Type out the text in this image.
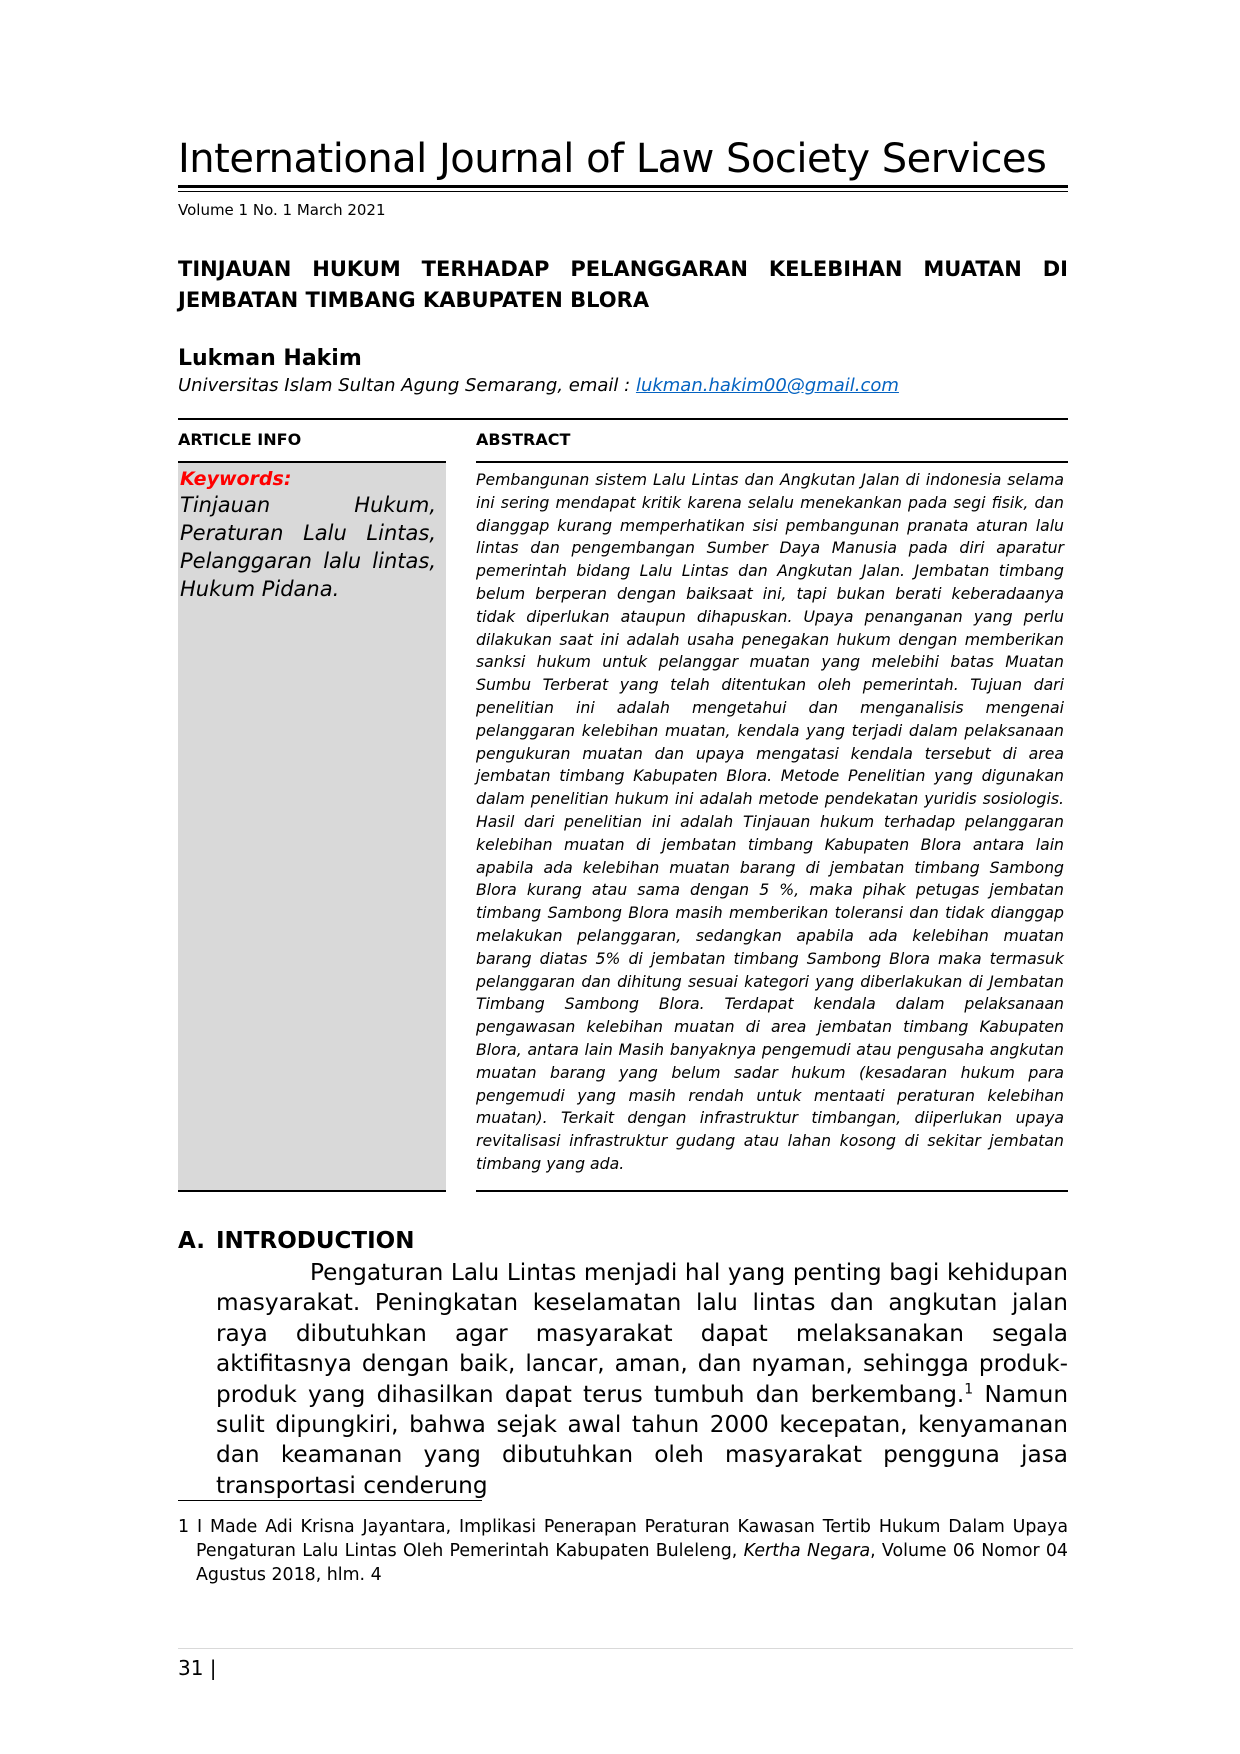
International Journal of Law Society Services
Volume 1 No. 1 March 2021
TINJAUAN HUKUM TERHADAP PELANGGARAN KELEBIHAN MUATAN DI JEMBATAN TIMBANG KABUPATEN BLORA
Lukman Hakim
Universitas Islam Sultan Agung Semarang, email : lukman.hakim00@gmail.com
ARTICLE INFO	ABSTRACT
Keywords:

Tinjauan Hukum, Peraturan Lalu Lintas, Pelanggaran lalu lintas, Hukum Pidana.

Pembangunan sistem Lalu Lintas dan Angkutan Jalan di indonesia selama ini sering mendapat kritik karena selalu menekankan pada segi fisik, dan dianggap kurang memperhatikan sisi pembangunan pranata aturan lalu lintas dan pengembangan Sumber Daya Manusia pada diri aparatur pemerintah bidang Lalu Lintas dan Angkutan Jalan. Jembatan timbang belum berperan dengan baiksaat ini, tapi bukan berati keberadaanya tidak diperlukan ataupun dihapuskan. Upaya penanganan yang perlu dilakukan saat ini adalah usaha penegakan hukum dengan memberikan sanksi hukum untuk pelanggar muatan yang melebihi batas Muatan Sumbu Terberat yang telah ditentukan oleh pemerintah. Tujuan dari penelitian ini adalah mengetahui dan menganalisis mengenai pelanggaran kelebihan muatan, kendala yang terjadi dalam pelaksanaan pengukuran muatan dan upaya mengatasi kendala tersebut di area jembatan timbang Kabupaten Blora. Metode Penelitian yang digunakan dalam penelitian hukum ini adalah metode pendekatan yuridis sosiologis. Hasil dari penelitian ini adalah Tinjauan hukum terhadap pelanggaran kelebihan muatan di jembatan timbang Kabupaten Blora antara lain apabila ada kelebihan muatan barang di jembatan timbang Sambong Blora kurang atau sama dengan 5 %, maka pihak petugas jembatan timbang Sambong Blora masih memberikan toleransi dan tidak dianggap melakukan pelanggaran, sedangkan apabila ada kelebihan muatan barang diatas 5% di jembatan timbang Sambong Blora maka termasuk pelanggaran dan dihitung sesuai kategori yang diberlakukan di Jembatan Timbang Sambong Blora. Terdapat kendala dalam pelaksanaan pengawasan kelebihan muatan di area jembatan timbang Kabupaten Blora, antara lain Masih banyaknya pengemudi atau pengusaha angkutan muatan barang yang belum sadar hukum (kesadaran hukum para pengemudi yang masih rendah untuk mentaati peraturan kelebihan muatan). Terkait dengan infrastruktur timbangan, diiperlukan upaya revitalisasi infrastruktur gudang atau lahan kosong di sekitar jembatan timbang yang ada.

A. INTRODUCTION

Pengaturan Lalu Lintas menjadi hal yang penting bagi kehidupan masyarakat. Peningkatan keselamatan lalu lintas dan angkutan jalan raya dibutuhkan agar masyarakat dapat melaksanakan segala aktifitasnya dengan baik, lancar, aman, dan nyaman, sehingga produk-produk yang dihasilkan dapat terus tumbuh dan berkembang.$^1$ Namun sulit dipungkiri, bahwa sejak awal tahun 2000 kecepatan, kenyamanan dan keamanan yang dibutuhkan oleh masyarakat pengguna jasa transportasi cenderung

1 I Made Adi Krisna Jayantara, Implikasi Penerapan Peraturan Kawasan Tertib Hukum Dalam Upaya Pengaturan Lalu Lintas Oleh Pemerintah Kabupaten Buleleng, Kertha Negara, Volume 06 Nomor 04 Agustus 2018, hlm. 4

31 |
